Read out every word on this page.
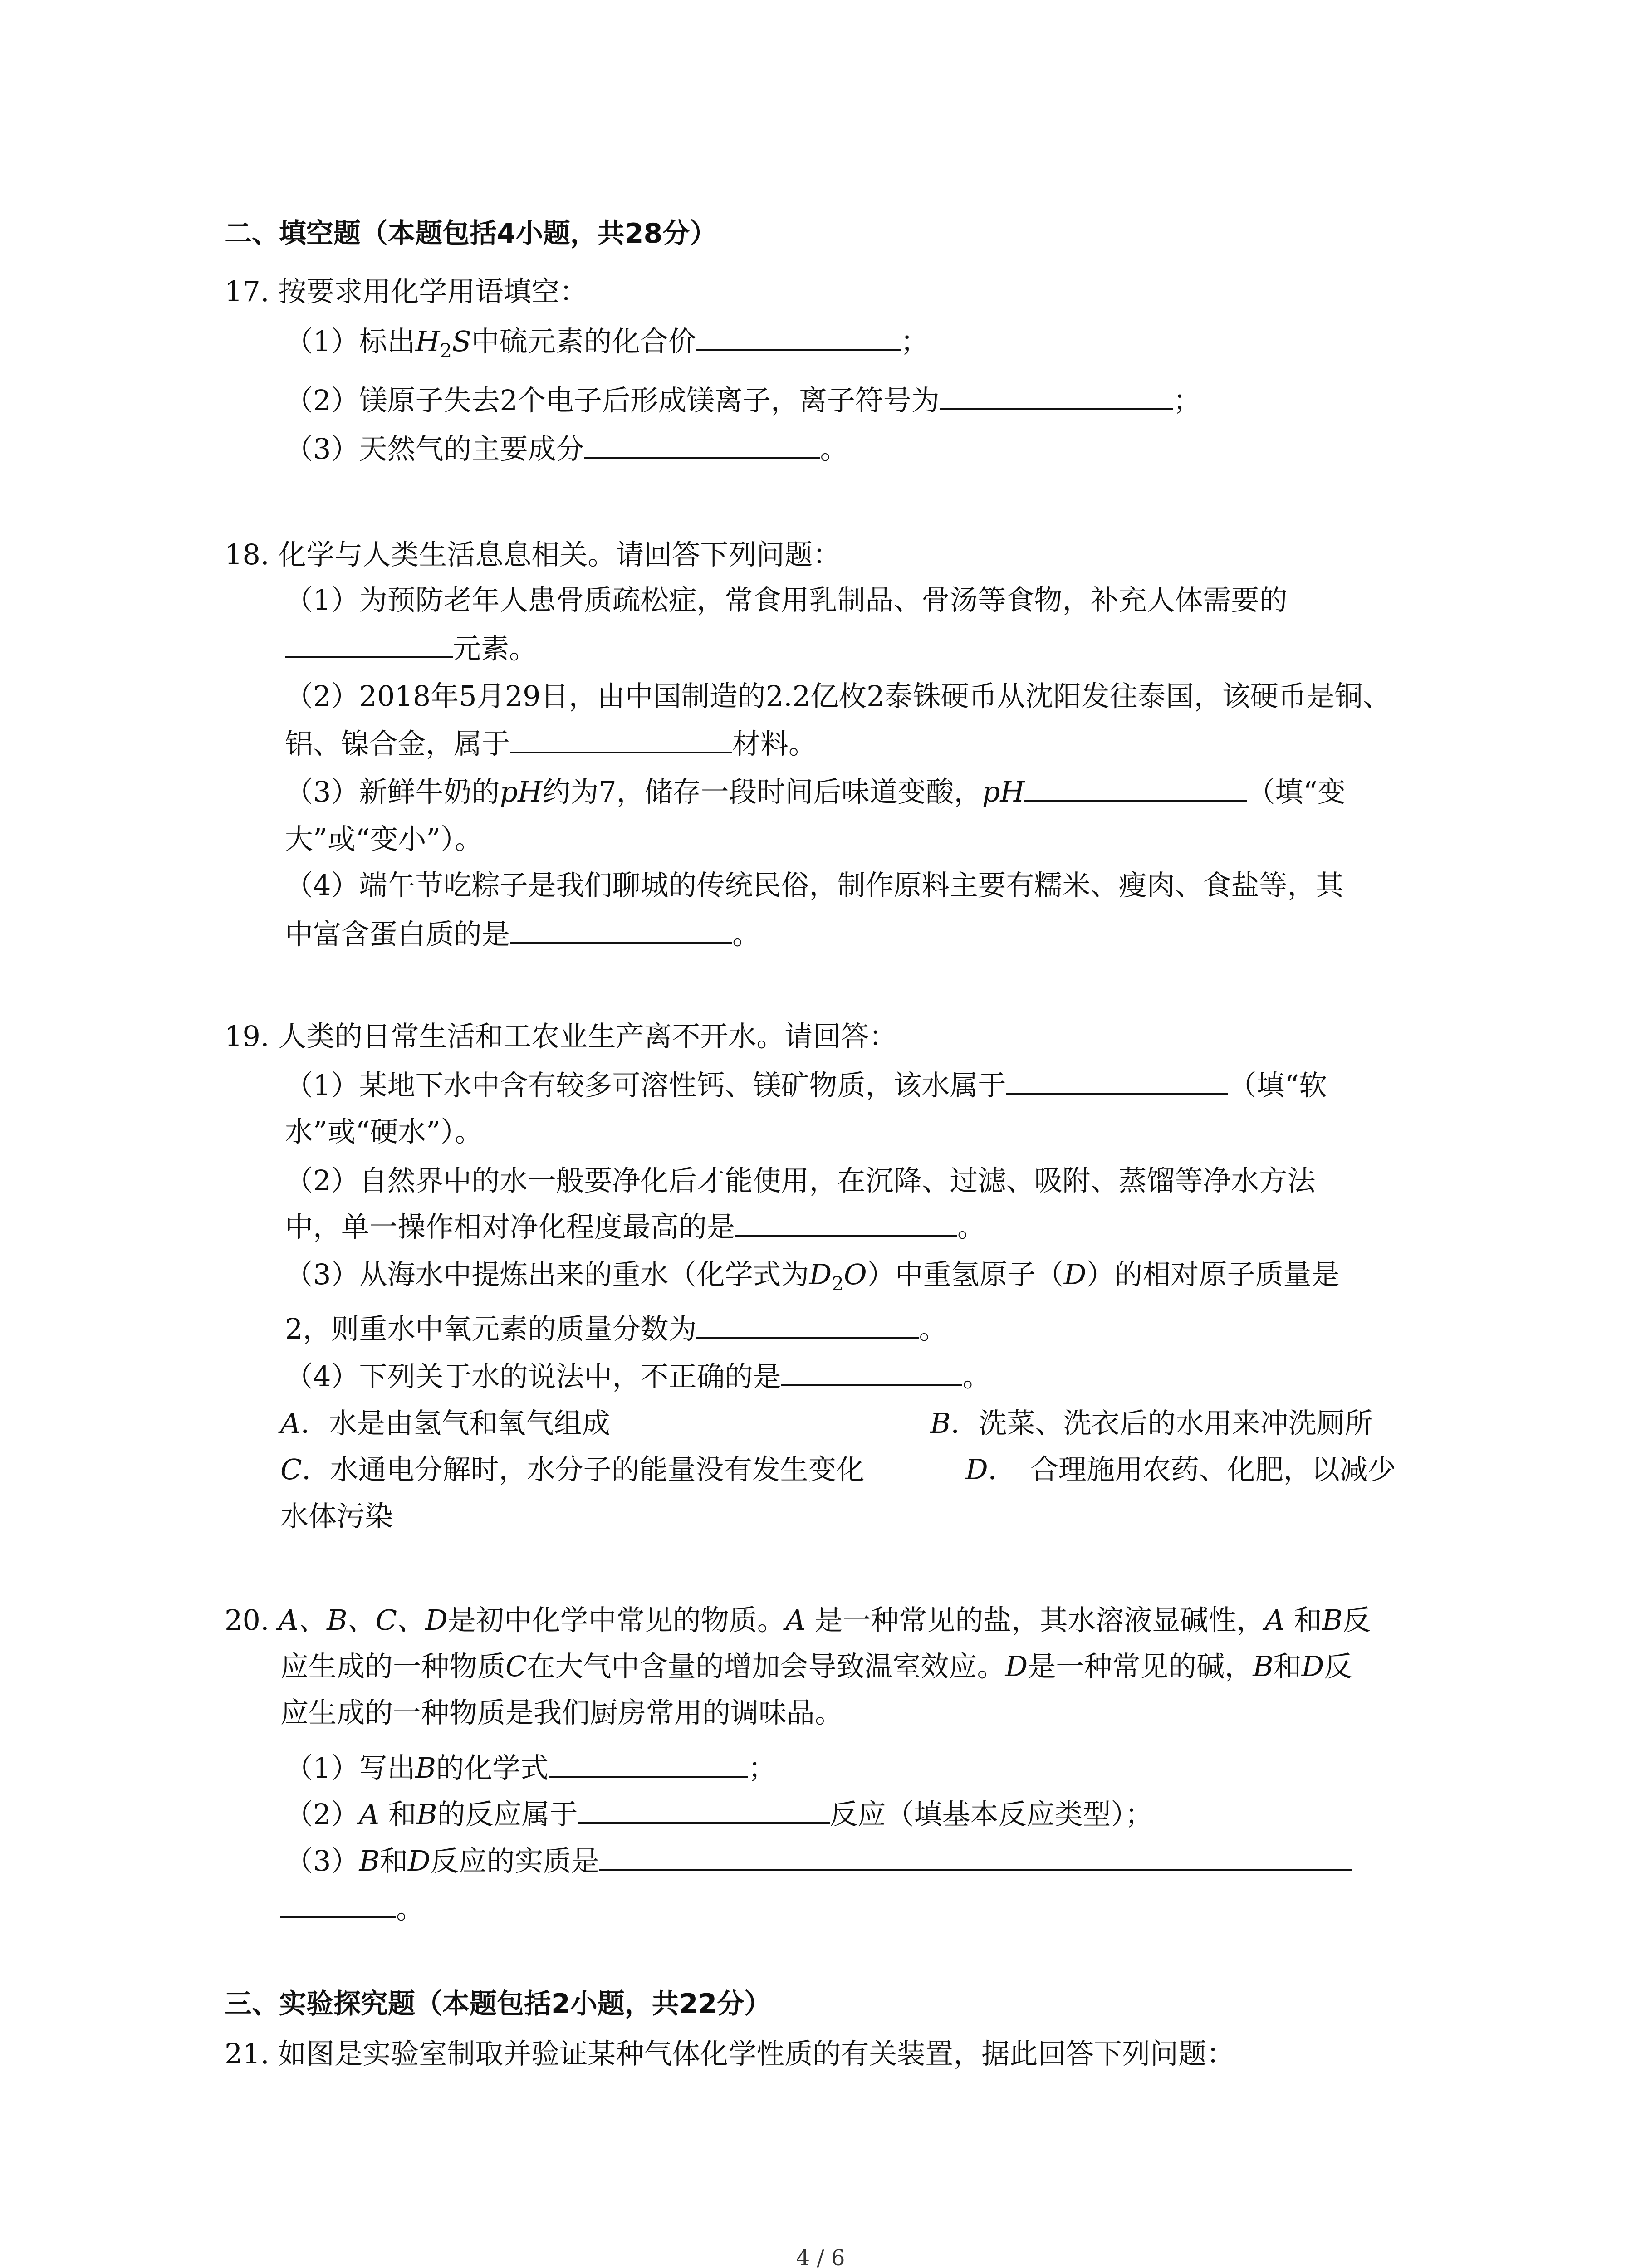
二、填空题（本题包括4小题，共28分）
17. 按要求用化学用语填空：
（1）标出$H_2S$中硫元素的化合价	；
（2）镁原子失去2个电子后形成镁离子，离子符号为	；
（3）天然气的主要成分	。
18. 化学与人类生活息息相关。请回答下列问题：
（1）为预防老年人患骨质疏松症，常食用乳制品、骨汤等食物，补充人体需要的
元素。
（2）2018年5月29日，由中国制造的2.2亿枚2泰铢硬币从沈阳发往泰国，该硬币是铜、
铝、镍合金，属于	材料。
（3）新鲜牛奶的pH约为7，储存一段时间后味道变酸，pH	（填“变
大”或“变小”）。
（4）端午节吃粽子是我们聊城的传统民俗，制作原料主要有糯米、瘦肉、食盐等，其
中富含蛋白质的是	。
19. 人类的日常生活和工农业生产离不开水。请回答：
（1）某地下水中含有较多可溶性钙、镁矿物质，该水属于	（填“软
水”或“硬水”）。
（2）自然界中的水一般要净化后才能使用，在沉降、过滤、吸附、蒸馏等净水方法
中，单一操作相对净化程度最高的是	。
（3）从海水中提炼出来的重水（化学式为$D_2O$）中重氢原子（D）的相对原子质量是
2，则重水中氧元素的质量分数为	。
（4）下列关于水的说法中，不正确的是	。
A．水是由氢气和氧气组成	B．洗菜、洗衣后的水用来冲洗厕所
C．水通电分解时，水分子的能量没有发生变化	D．　合理施用农药、化肥，以减少
水体污染
20. A、B、C、D是初中化学中常见的物质。A 是一种常见的盐，其水溶液显碱性，A 和B反
应生成的一种物质C在大气中含量的增加会导致温室效应。D是一种常见的碱，B和D反
应生成的一种物质是我们厨房常用的调味品。
（1）写出B的化学式	；
（2）A 和B的反应属于	反应（填基本反应类型）；
（3）B和D反应的实质是
。
三、实验探究题（本题包括2小题，共22分）
21. 如图是实验室制取并验证某种气体化学性质的有关装置，据此回答下列问题：
4 / 6
